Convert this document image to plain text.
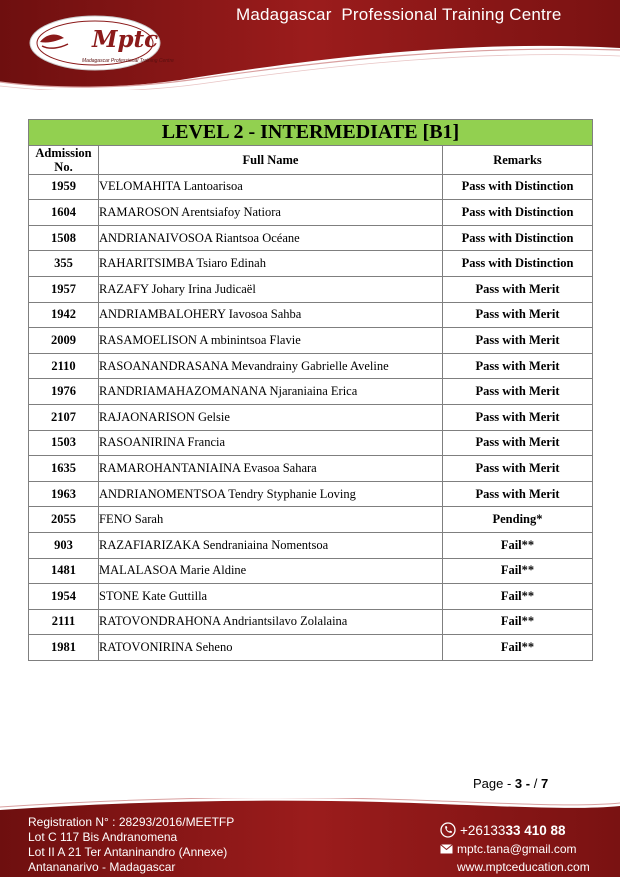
Madagascar  Professional Training Centre
Mptc
Madagascar Professional Training Centre
LEVEL 2 - INTERMEDIATE [B1]		
Admission
No.	Full Name	Remarks
1959	VELOMAHITA Lantoarisoa	Pass with Distinction
1604	RAMAROSON Arentsiafoy Natiora	Pass with Distinction
1508	ANDRIANAIVOSOA Riantsoa Océane	Pass with Distinction
355	RAHARITSIMBA Tsiaro Edinah	Pass with Distinction
1957	RAZAFY Johary Irina Judicaël	Pass with Merit
1942	ANDRIAMBALOHERY Iavosoa Sahba	Pass with Merit
2009	RASAMOELISON A mbinintsoa Flavie	Pass with Merit
2110	RASOANANDRASANA Mevandrainy Gabrielle Aveline	Pass with Merit
1976	RANDRIAMAHAZOMANANA Njaraniaina Erica	Pass with Merit
2107	RAJAONARISON Gelsie	Pass with Merit
1503	RASOANIRINA Francia	Pass with Merit
1635	RAMAROHANTANIAINA Evasoa Sahara	Pass with Merit
1963	ANDRIANOMENTSOA Tendry Styphanie Loving	Pass with Merit
2055	FENO Sarah	Pending*
903	RAZAFIARIZAKA Sendraniaina Nomentsoa	Fail**
1481	MALALASOA Marie Aldine	Fail**
1954	STONE Kate Guttilla	Fail**
2111	RATOVONDRAHONA Andriantsilavo Zolalaina	Fail**
1981	RATOVONIRINA Seheno	Fail**
Page - 3 - / 7
Registration N° : 28293/2016/MEETFP
Lot C 117 Bis Andranomena
Lot II A 21 Ter Antaninandro (Annexe)
Antananarivo - Madagascar
+26133 33 410 88
mptc.tana@gmail.com
www.mptceducation.com
